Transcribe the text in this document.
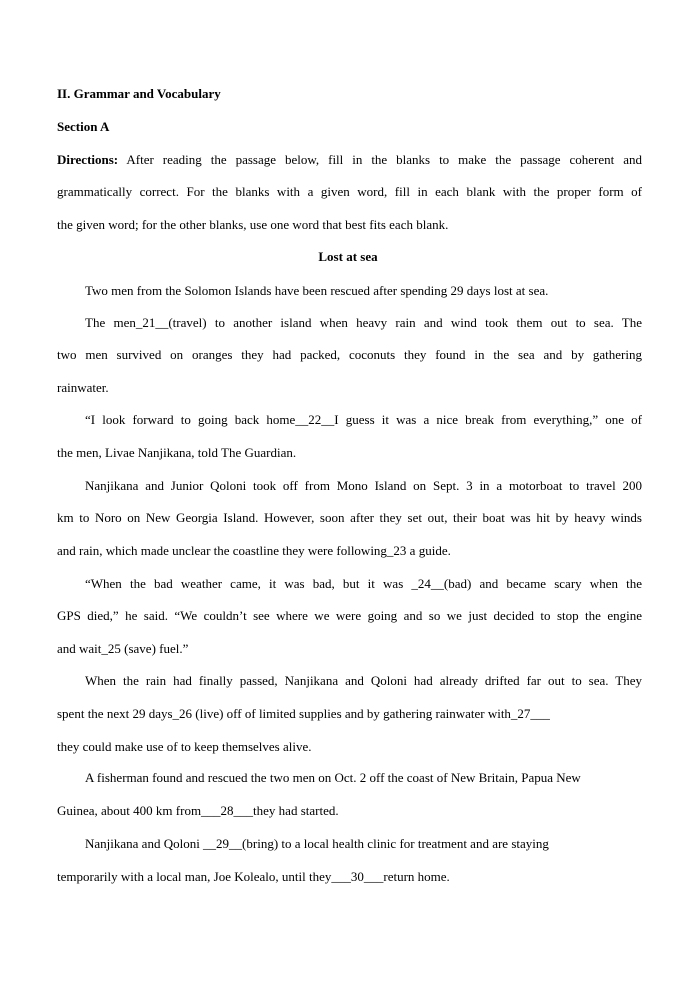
II. Grammar and Vocabulary
Section A
Directions: After reading the passage below, fill in the blanks to make the passage coherent and
grammatically correct. For the blanks with a given word, fill in each blank with the proper form of
the given word; for the other blanks, use one word that best fits each blank.
Lost at sea
Two men from the Solomon Islands have been rescued after spending 29 days lost at sea.
The men_21__(travel) to another island when heavy rain and wind took them out to sea. The
two men survived on oranges they had packed, coconuts they found in the sea and by gathering
rainwater.
“I look forward to going back home__22__I guess it was a nice break from everything,” one of
the men, Livae Nanjikana, told The Guardian.
Nanjikana and Junior Qoloni took off from Mono Island on Sept. 3 in a motorboat to travel 200
km to Noro on New Georgia Island. However, soon after they set out, their boat was hit by heavy winds
and rain, which made unclear the coastline they were following_23 a guide.
“When the bad weather came, it was bad, but it was _24__(bad) and became scary when the
GPS died,” he said. “We couldn’t see where we were going and so we just decided to stop the engine
and wait_25 (save) fuel.”
When the rain had finally passed, Nanjikana and Qoloni had already drifted far out to sea. They
spent the next 29 days_26 (live) off of limited supplies and by gathering rainwater with_27___
they could make use of to keep themselves alive.
A fisherman found and rescued the two men on Oct. 2 off the coast of New Britain, Papua New
Guinea, about 400 km from___28___they had started.
Nanjikana and Qoloni __29__(bring) to a local health clinic for treatment and are staying
temporarily with a local man, Joe Kolealo, until they___30___return home.
